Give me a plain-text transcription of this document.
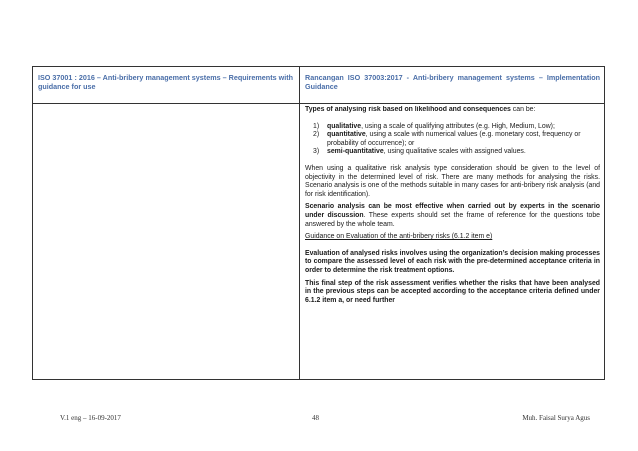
ISO 37001 : 2016 – Anti-bribery management systems – Requirements with guidance for use
Rancangan ISO 37003:2017 - Anti-bribery management systems – Implementation Guidance

Types of analysing risk based on likelihood and consequences can be:

1) qualitative, using a scale of qualifying attributes (e.g. High, Medium, Low);
2) quantitative, using a scale with numerical values (e.g. monetary cost, frequency or probability of occurrence); or
3) semi-quantitative, using qualitative scales with assigned values.

When using a qualitative risk analysis type consideration should be given to the level of objectivity in the determined level of risk. There are many methods for analysing the risks. Scenario analysis is one of the methods suitable in many cases for anti-bribery risk analysis (and for risk identification).

Scenario analysis can be most effective when carried out by experts in the scenario under discussion. These experts should set the frame of reference for the questions tobe answered by the whole team.

Guidance on Evaluation of the anti-bribery risks (6.1.2 item e)

Evaluation of analysed risks involves using the organization’s decision making processes to compare the assessed level of each risk with the pre-determined acceptance criteria in order to determine the risk treatment options.

This final step of the risk assessment verifies whether the risks that have been analysed in the previous steps can be accepted according to the acceptance criteria defined under 6.1.2 item a, or need further

V.1 eng – 16-09-2017	48	Muh. Faisal Surya Agus
